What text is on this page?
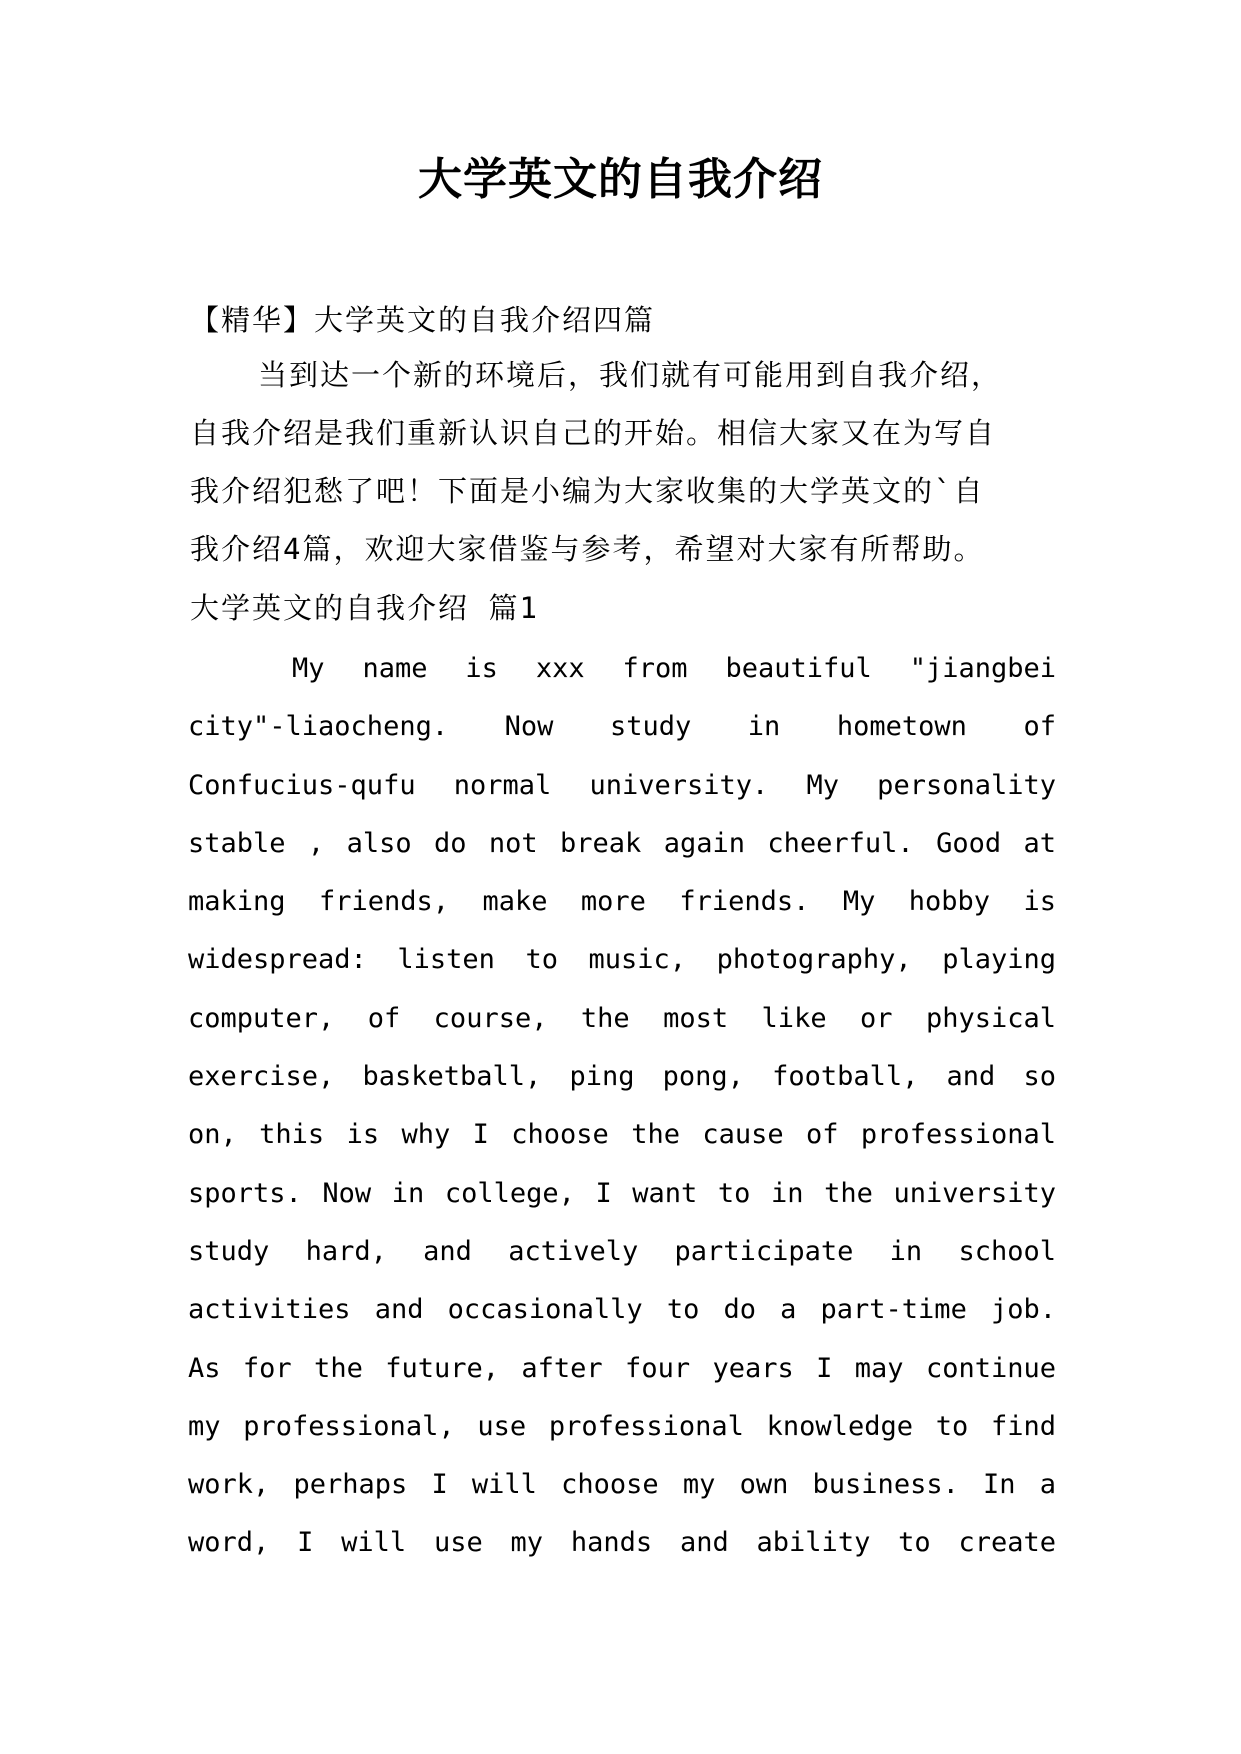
大学英文的自我介绍
【精华】大学英文的自我介绍四篇
当到达一个新的环境后，我们就有可能用到自我介绍，
自我介绍是我们重新认识自己的开始。相信大家又在为写自
我介绍犯愁了吧！下面是小编为大家收集的大学英文的`自
我介绍4篇，欢迎大家借鉴与参考，希望对大家有所帮助。
大学英文的自我介绍 篇1
My name is xxx from beautiful "jiangbei
city"-liaocheng. Now study in hometown of
Confucius-qufu normal university. My personality
stable , also do not break again cheerful. Good at
making friends, make more friends. My hobby is
widespread: listen to music, photography, playing
computer, of course, the most like or physical
exercise, basketball, ping pong, football, and so
on, this is why I choose the cause of professional
sports. Now in college, I want to in the university
study hard, and actively participate in school
activities and occasionally to do a part-time job.
As for the future, after four years I may continue
my professional, use professional knowledge to find
work, perhaps I will choose my own business. In a
word, I will use my hands and ability to create
